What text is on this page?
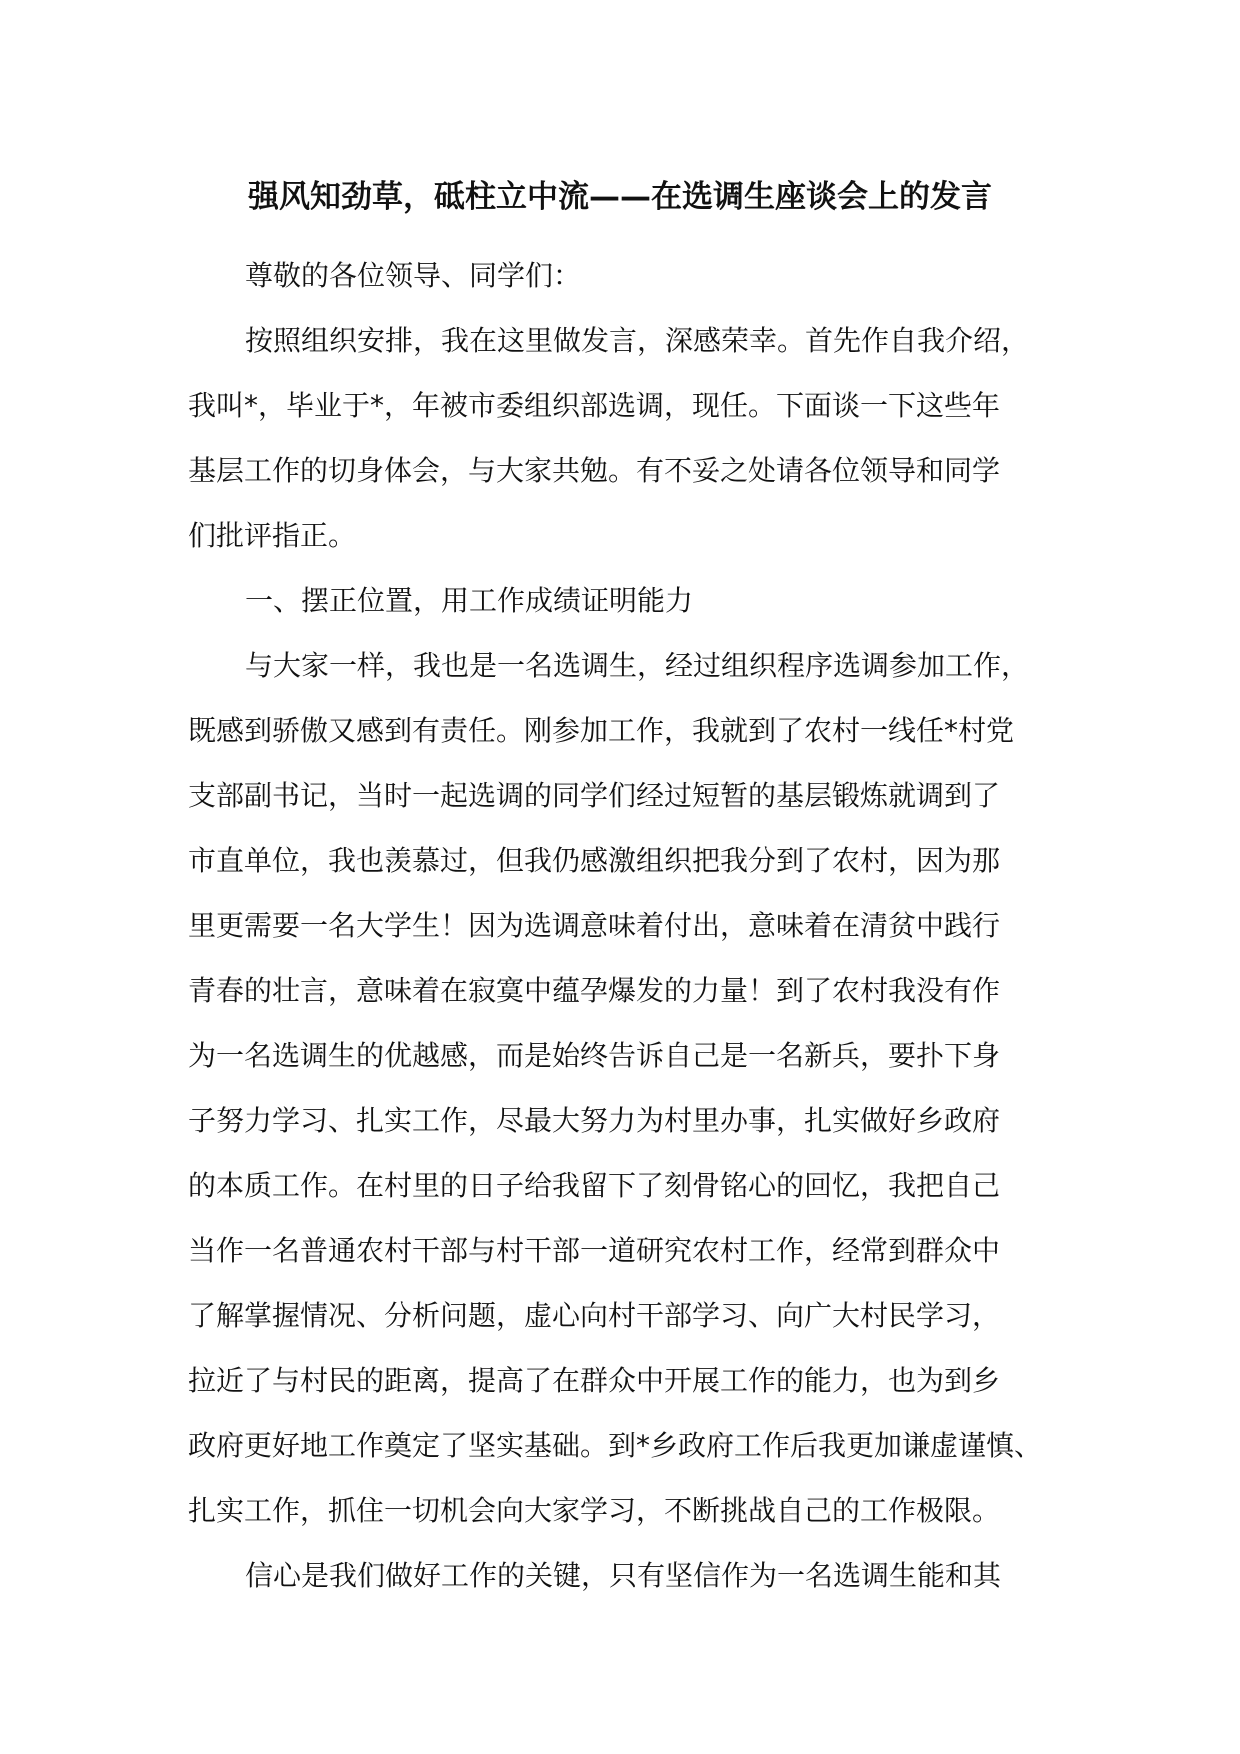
强风知劲草，砥柱立中流——在选调生座谈会上的发言
尊敬的各位领导、同学们：
按照组织安排，我在这里做发言，深感荣幸。首先作自我介绍，
我叫*，毕业于*，年被市委组织部选调，现任。下面谈一下这些年
基层工作的切身体会，与大家共勉。有不妥之处请各位领导和同学
们批评指正。
一、摆正位置，用工作成绩证明能力
与大家一样，我也是一名选调生，经过组织程序选调参加工作，
既感到骄傲又感到有责任。刚参加工作，我就到了农村一线任*村党
支部副书记，当时一起选调的同学们经过短暂的基层锻炼就调到了
市直单位，我也羡慕过，但我仍感激组织把我分到了农村，因为那
里更需要一名大学生！因为选调意味着付出，意味着在清贫中践行
青春的壮言，意味着在寂寞中蕴孕爆发的力量！到了农村我没有作
为一名选调生的优越感，而是始终告诉自己是一名新兵，要扑下身
子努力学习、扎实工作，尽最大努力为村里办事，扎实做好乡政府
的本质工作。在村里的日子给我留下了刻骨铭心的回忆，我把自己
当作一名普通农村干部与村干部一道研究农村工作，经常到群众中
了解掌握情况、分析问题，虚心向村干部学习、向广大村民学习，
拉近了与村民的距离，提高了在群众中开展工作的能力，也为到乡
政府更好地工作奠定了坚实基础。到*乡政府工作后我更加谦虚谨慎、
扎实工作，抓住一切机会向大家学习，不断挑战自己的工作极限。
信心是我们做好工作的关键，只有坚信作为一名选调生能和其
